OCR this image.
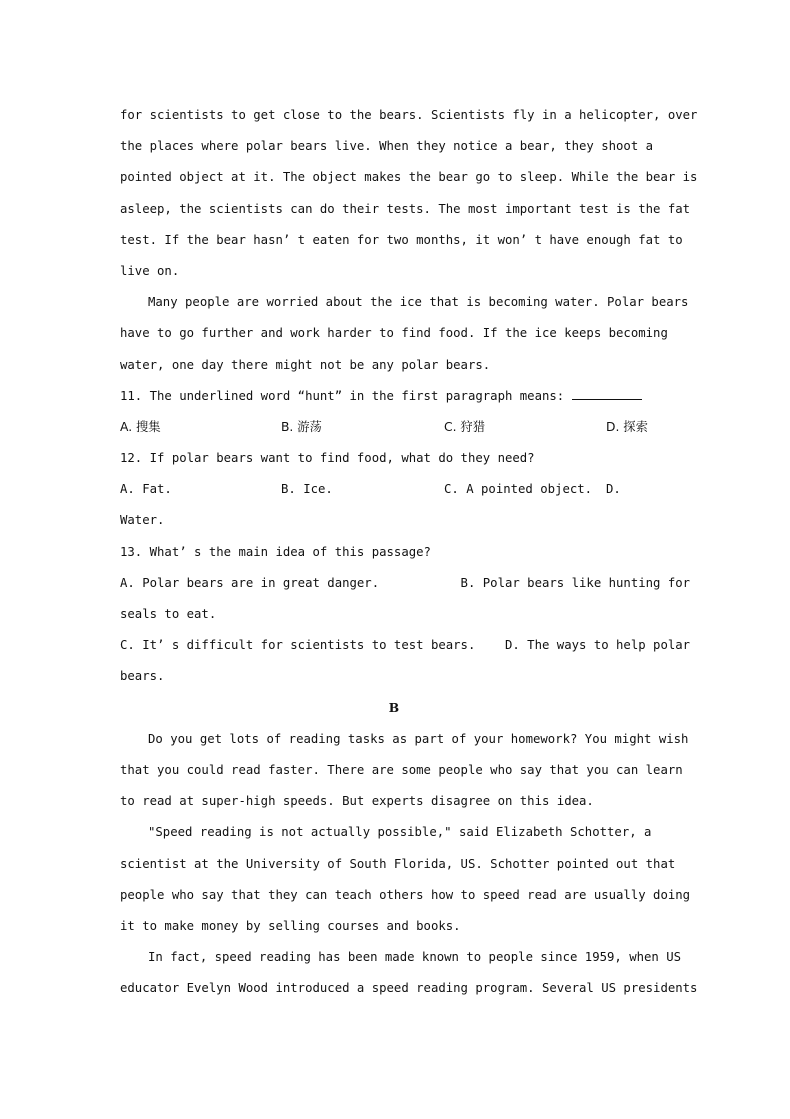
for scientists to get close to the bears. Scientists fly in a helicopter, over
the places where polar bears live. When they notice a bear, they shoot a
pointed object at it. The object makes the bear go to sleep. While the bear is
asleep, the scientists can do their tests. The most important test is the fat
test. If the bear hasn’ t eaten for two months, it won’ t have enough fat to
live on.
Many people are worried about the ice that is becoming water. Polar bears
have to go further and work harder to find food. If the ice keeps becoming
water, one day there might not be any polar bears.
11. The underlined word “hunt” in the first paragraph means:
A. 搜集	B. 游荡	C. 狩猎	D. 探索
12. If polar bears want to find food, what do they need?
A. Fat.	B. Ice.	C. A pointed object. D.
Water.
13. What’ s the main idea of this passage?
A. Polar bears are in great danger.           B. Polar bears like hunting for
seals to eat.
C. It’ s difficult for scientists to test bears.    D. The ways to help polar
bears.
B
Do you get lots of reading tasks as part of your homework? You might wish
that you could read faster. There are some people who say that you can learn
to read at super-high speeds. But experts disagree on this idea.
"Speed reading is not actually possible," said Elizabeth Schotter, a
scientist at the University of South Florida, US. Schotter pointed out that
people who say that they can teach others how to speed read are usually doing
it to make money by selling courses and books.
In fact, speed reading has been made known to people since 1959, when US
educator Evelyn Wood introduced a speed reading program. Several US presidents
